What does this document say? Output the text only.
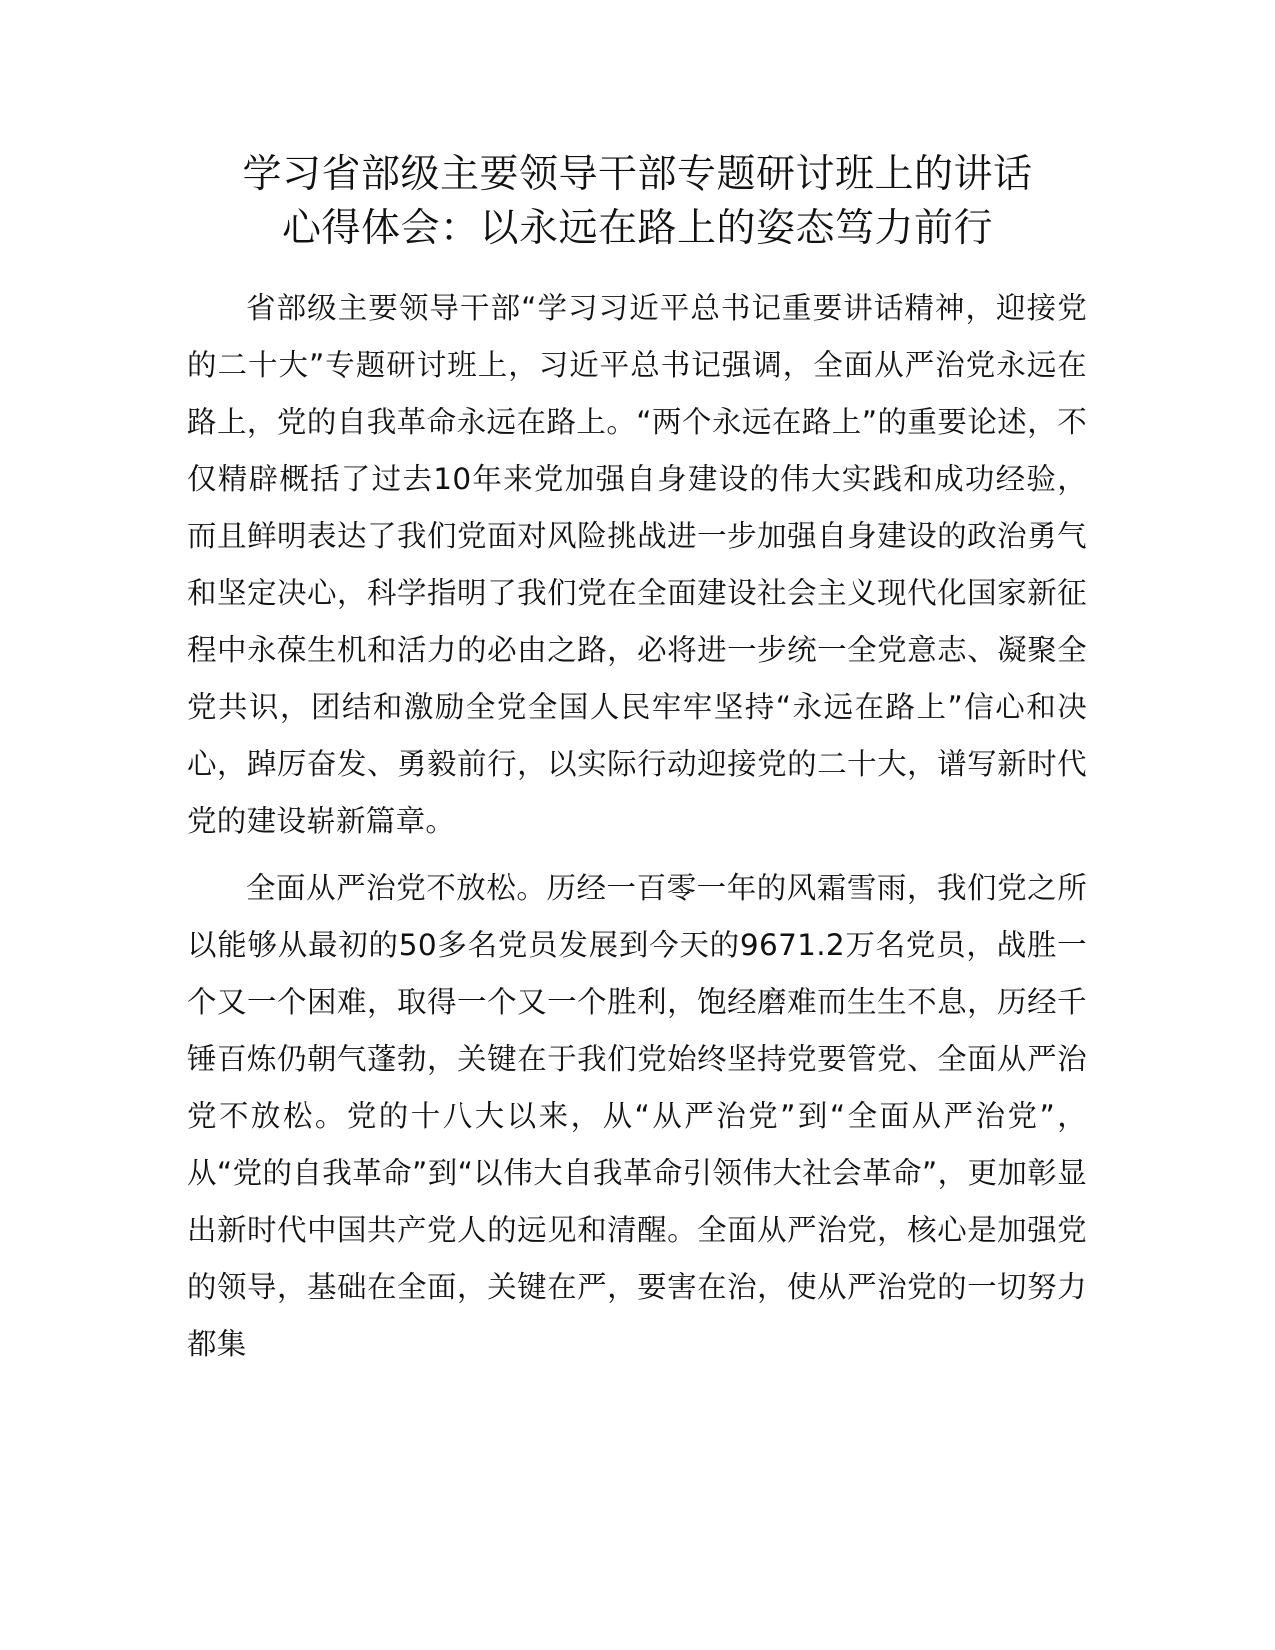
学习省部级主要领导干部专题研讨班上的讲话
心得体会：以永远在路上的姿态笃力前行

省部级主要领导干部“学习习近平总书记重要讲话精神，迎接党的二十大”专题研讨班上，习近平总书记强调，全面从严治党永远在路上，党的自我革命永远在路上。“两个永远在路上”的重要论述，不仅精辟概括了过去10年来党加强自身建设的伟大实践和成功经验，而且鲜明表达了我们党面对风险挑战进一步加强自身建设的政治勇气和坚定决心，科学指明了我们党在全面建设社会主义现代化国家新征程中永葆生机和活力的必由之路，必将进一步统一全党意志、凝聚全党共识，团结和激励全党全国人民牢牢坚持“永远在路上”信心和决心，踔厉奋发、勇毅前行，以实际行动迎接党的二十大，谱写新时代党的建设崭新篇章。

全面从严治党不放松。历经一百零一年的风霜雪雨，我们党之所以能够从最初的50多名党员发展到今天的9671.2万名党员，战胜一个又一个困难，取得一个又一个胜利，饱经磨难而生生不息，历经千锤百炼仍朝气蓬勃，关键在于我们党始终坚持党要管党、全面从严治党不放松。党的十八大以来，从“从严治党”到“全面从严治党”，从“党的自我革命”到“以伟大自我革命引领伟大社会革命”，更加彰显出新时代中国共产党人的远见和清醒。全面从严治党，核心是加强党的领导，基础在全面，关键在严，要害在治，使从严治党的一切努力都集
